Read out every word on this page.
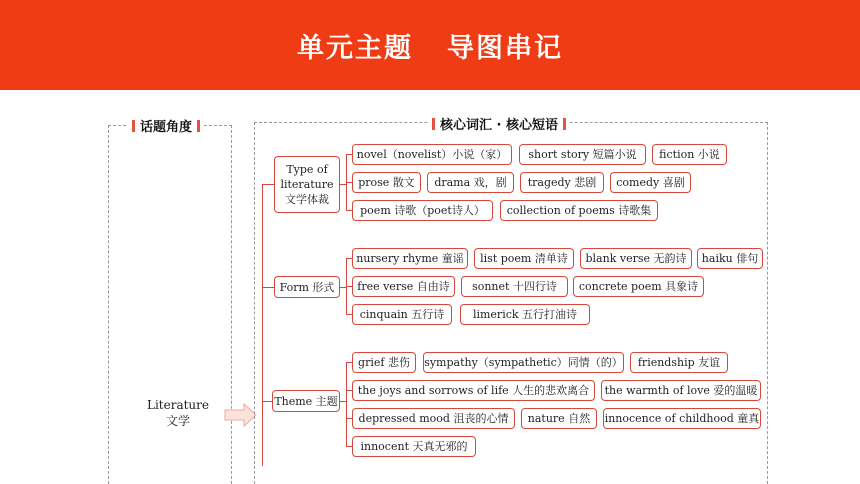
单元主题 导图串记
话题角度
Literature
文学
核心词汇 · 核心短语
Type of
literature
文学体裁
Form 形式
Theme 主题
novel（novelist）小说（家）	short story 短篇小说	fiction 小说
prose 散文	drama 戏，剧	tragedy 悲剧	comedy 喜剧
poem 诗歌（poet诗人）	collection of poems 诗歌集
nursery rhyme 童谣	list poem 清单诗	blank verse 无韵诗	haiku 俳句
free verse 自由诗	sonnet 十四行诗	concrete poem 具象诗
cinquain 五行诗	limerick 五行打油诗
grief 悲伤	sympathy（sympathetic）同情（的）	friendship 友谊
the joys and sorrows of life 人生的悲欢离合	the warmth of love 爱的温暖
depressed mood 沮丧的心情	nature 自然	innocence of childhood 童真
innocent 天真无邪的
